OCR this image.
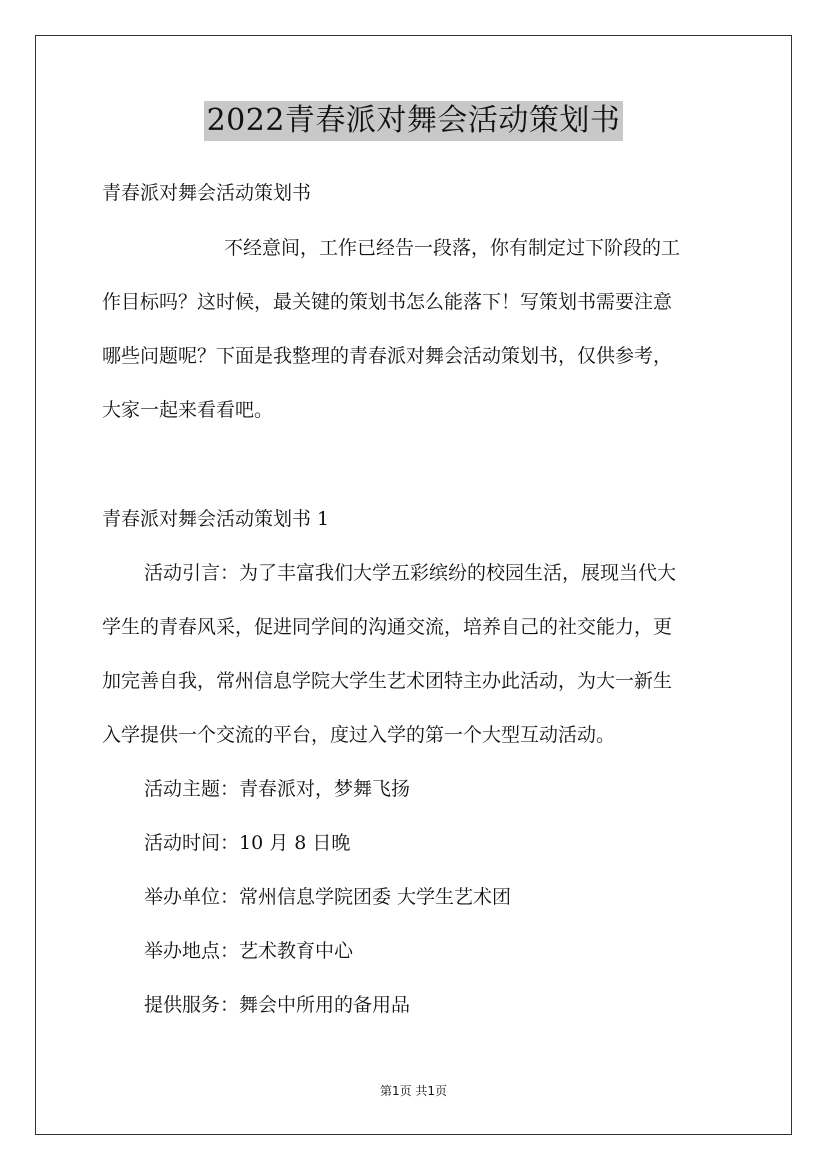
2022青春派对舞会活动策划书

青春派对舞会活动策划书

不经意间，工作已经告一段落，你有制定过下阶段的工

作目标吗？这时候，最关键的策划书怎么能落下！写策划书需要注意

哪些问题呢？下面是我整理的青春派对舞会活动策划书，仅供参考，

大家一起来看看吧。

青春派对舞会活动策划书 1

活动引言：为了丰富我们大学五彩缤纷的校园生活，展现当代大

学生的青春风采，促进同学间的沟通交流，培养自己的社交能力，更

加完善自我，常州信息学院大学生艺术团特主办此活动，为大一新生

入学提供一个交流的平台，度过入学的第一个大型互动活动。

活动主题：青春派对，梦舞飞扬

活动时间：10 月 8 日晚

举办单位：常州信息学院团委 大学生艺术团

举办地点：艺术教育中心

提供服务：舞会中所用的备用品

第1页 共1页
